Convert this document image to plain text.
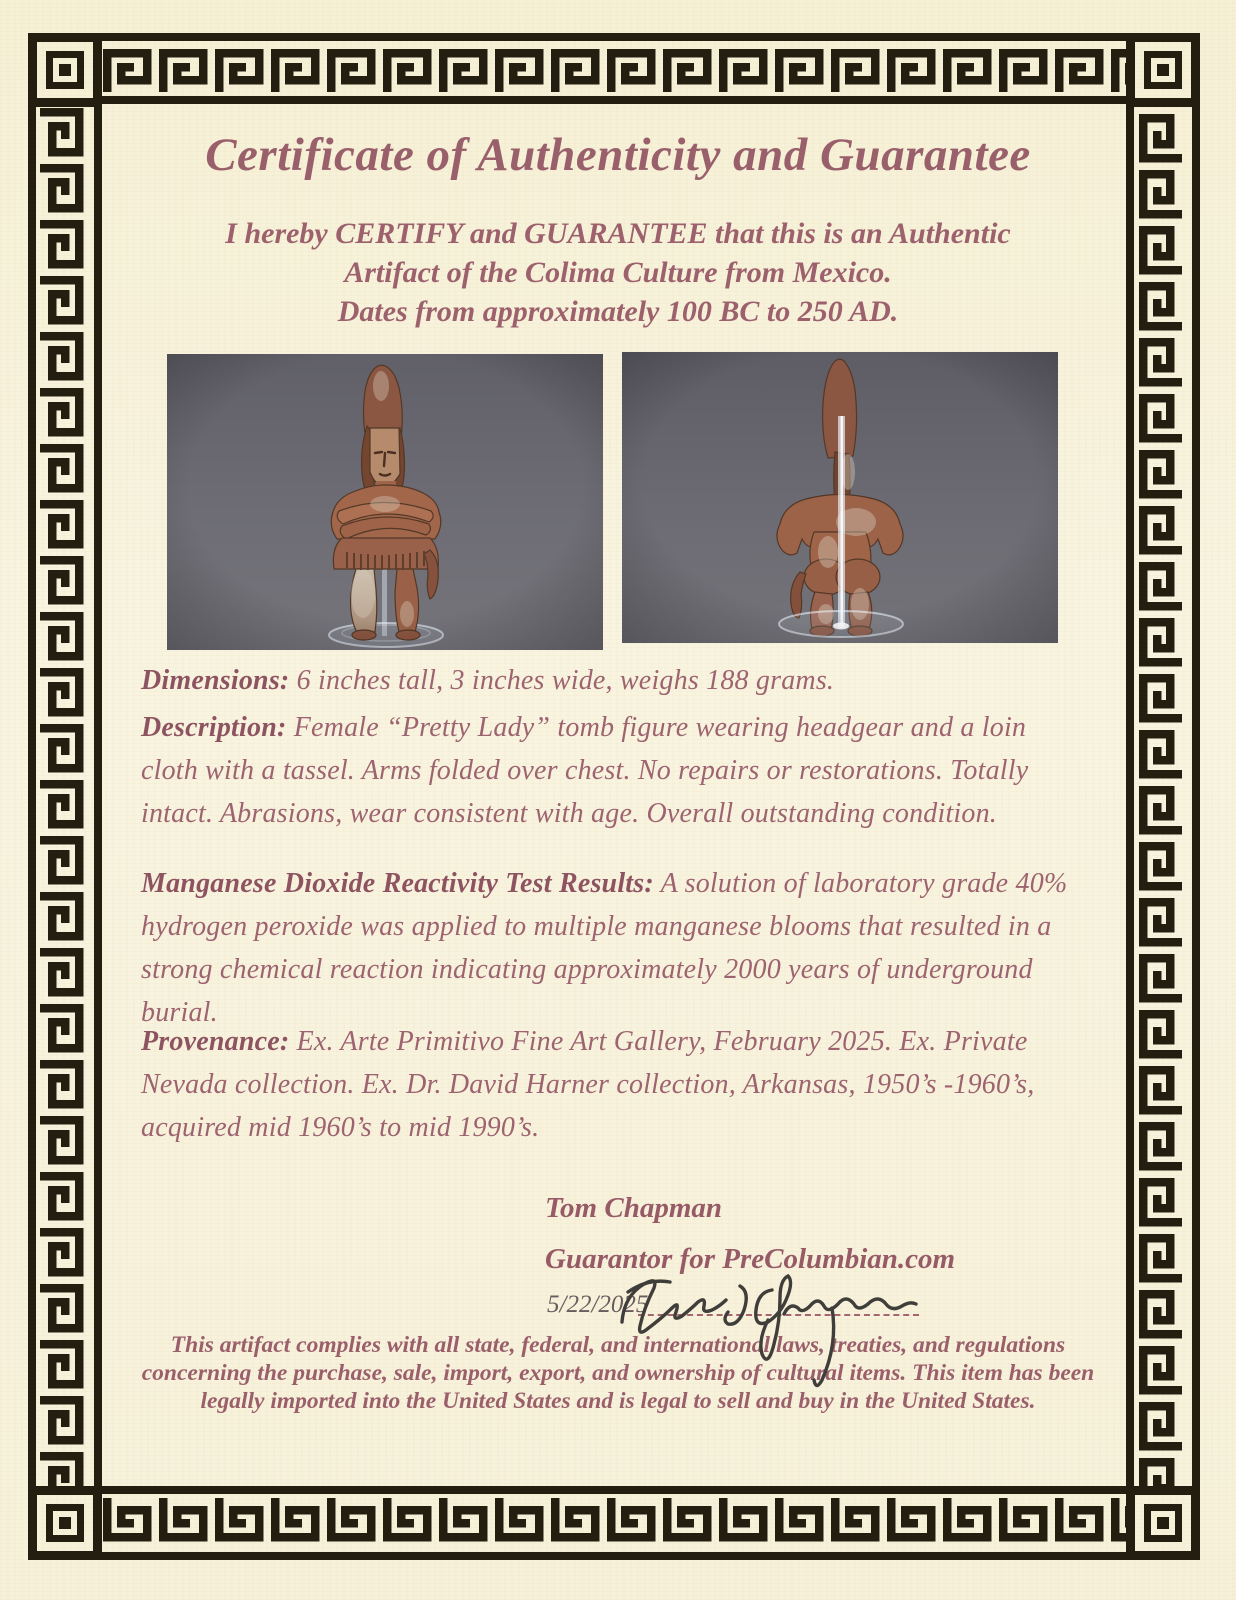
Certificate of Authenticity and Guarantee
I hereby CERTIFY and GUARANTEE that this is an Authentic
Artifact of the Colima Culture from Mexico.
Dates from approximately 100 BC to 250 AD.
Dimensions: 6 inches tall, 3 inches wide, weighs 188 grams.
Description: Female “Pretty Lady” tomb figure wearing headgear and a loin cloth with a tassel. Arms folded over chest. No repairs or restorations. Totally intact. Abrasions, wear consistent with age. Overall outstanding condition.
Manganese Dioxide Reactivity Test Results: A solution of laboratory grade 40% hydrogen peroxide was applied to multiple manganese blooms that resulted in a strong chemical reaction indicating approximately 2000 years of underground burial.
Provenance: Ex. Arte Primitivo Fine Art Gallery, February 2025. Ex. Private Nevada collection. Ex. Dr. David Harner collection, Arkansas, 1950’s -1960’s, acquired mid 1960’s to mid 1990’s.
Tom Chapman
Guarantor for PreColumbian.com
5/22/2025
This artifact complies with all state, federal, and international laws, treaties, and regulations concerning the purchase, sale, import, export, and ownership of cultural items. This item has been legally imported into the United States and is legal to sell and buy in the United States.
